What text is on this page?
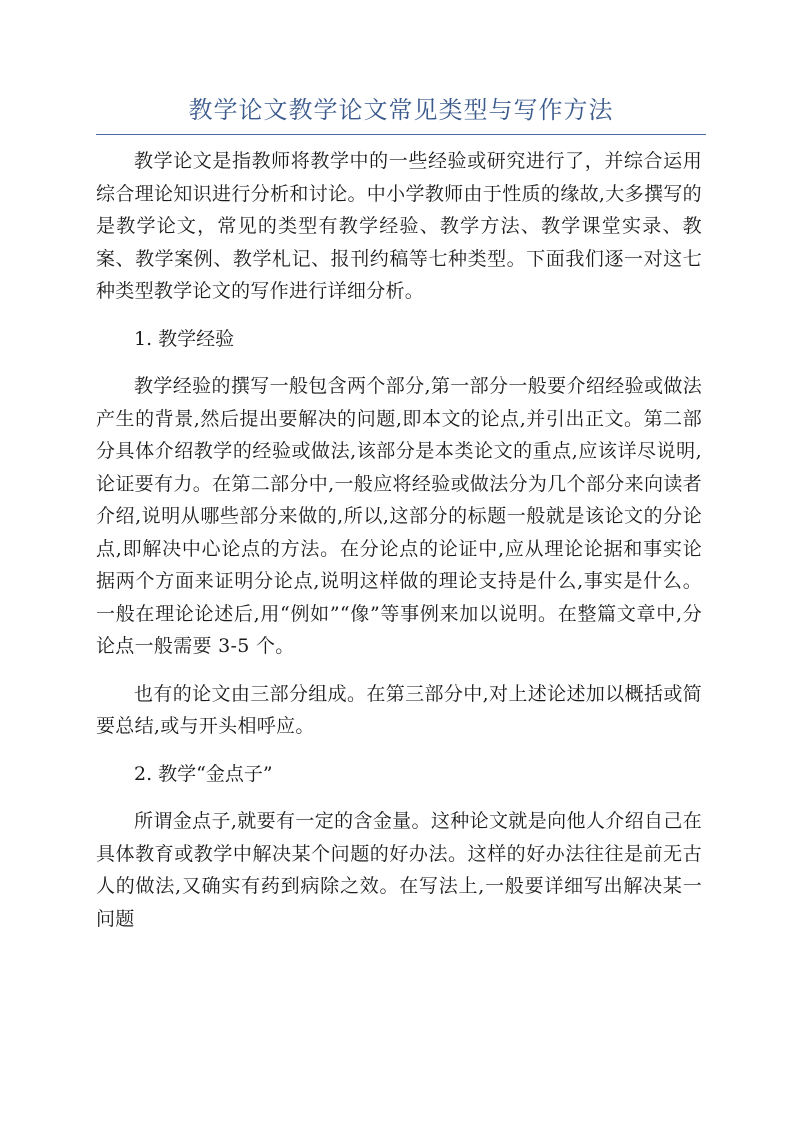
教学论文教学论文常见类型与写作方法

教学论文是指教师将教学中的一些经验或研究进行了，并综合运用综合理论知识进行分析和讨论。中小学教师由于性质的缘故,大多撰写的是教学论文，常见的类型有教学经验、教学方法、教学课堂实录、教案、教学案例、教学札记、报刊约稿等七种类型。下面我们逐一对这七种类型教学论文的写作进行详细分析。

1. 教学经验

教学经验的撰写一般包含两个部分,第一部分一般要介绍经验或做法产生的背景,然后提出要解决的问题,即本文的论点,并引出正文。第二部分具体介绍教学的经验或做法,该部分是本类论文的重点,应该详尽说明,论证要有力。在第二部分中,一般应将经验或做法分为几个部分来向读者介绍,说明从哪些部分来做的,所以,这部分的标题一般就是该论文的分论点,即解决中心论点的方法。在分论点的论证中,应从理论论据和事实论据两个方面来证明分论点,说明这样做的理论支持是什么,事实是什么。一般在理论论述后,用“例如”“像”等事例来加以说明。在整篇文章中,分论点一般需要 3-5 个。

也有的论文由三部分组成。在第三部分中,对上述论述加以概括或简要总结,或与开头相呼应。

2. 教学“金点子”

所谓金点子,就要有一定的含金量。这种论文就是向他人介绍自己在具体教育或教学中解决某个问题的好办法。这样的好办法往往是前无古人的做法,又确实有药到病除之效。在写法上,一般要详细写出解决某一问题
